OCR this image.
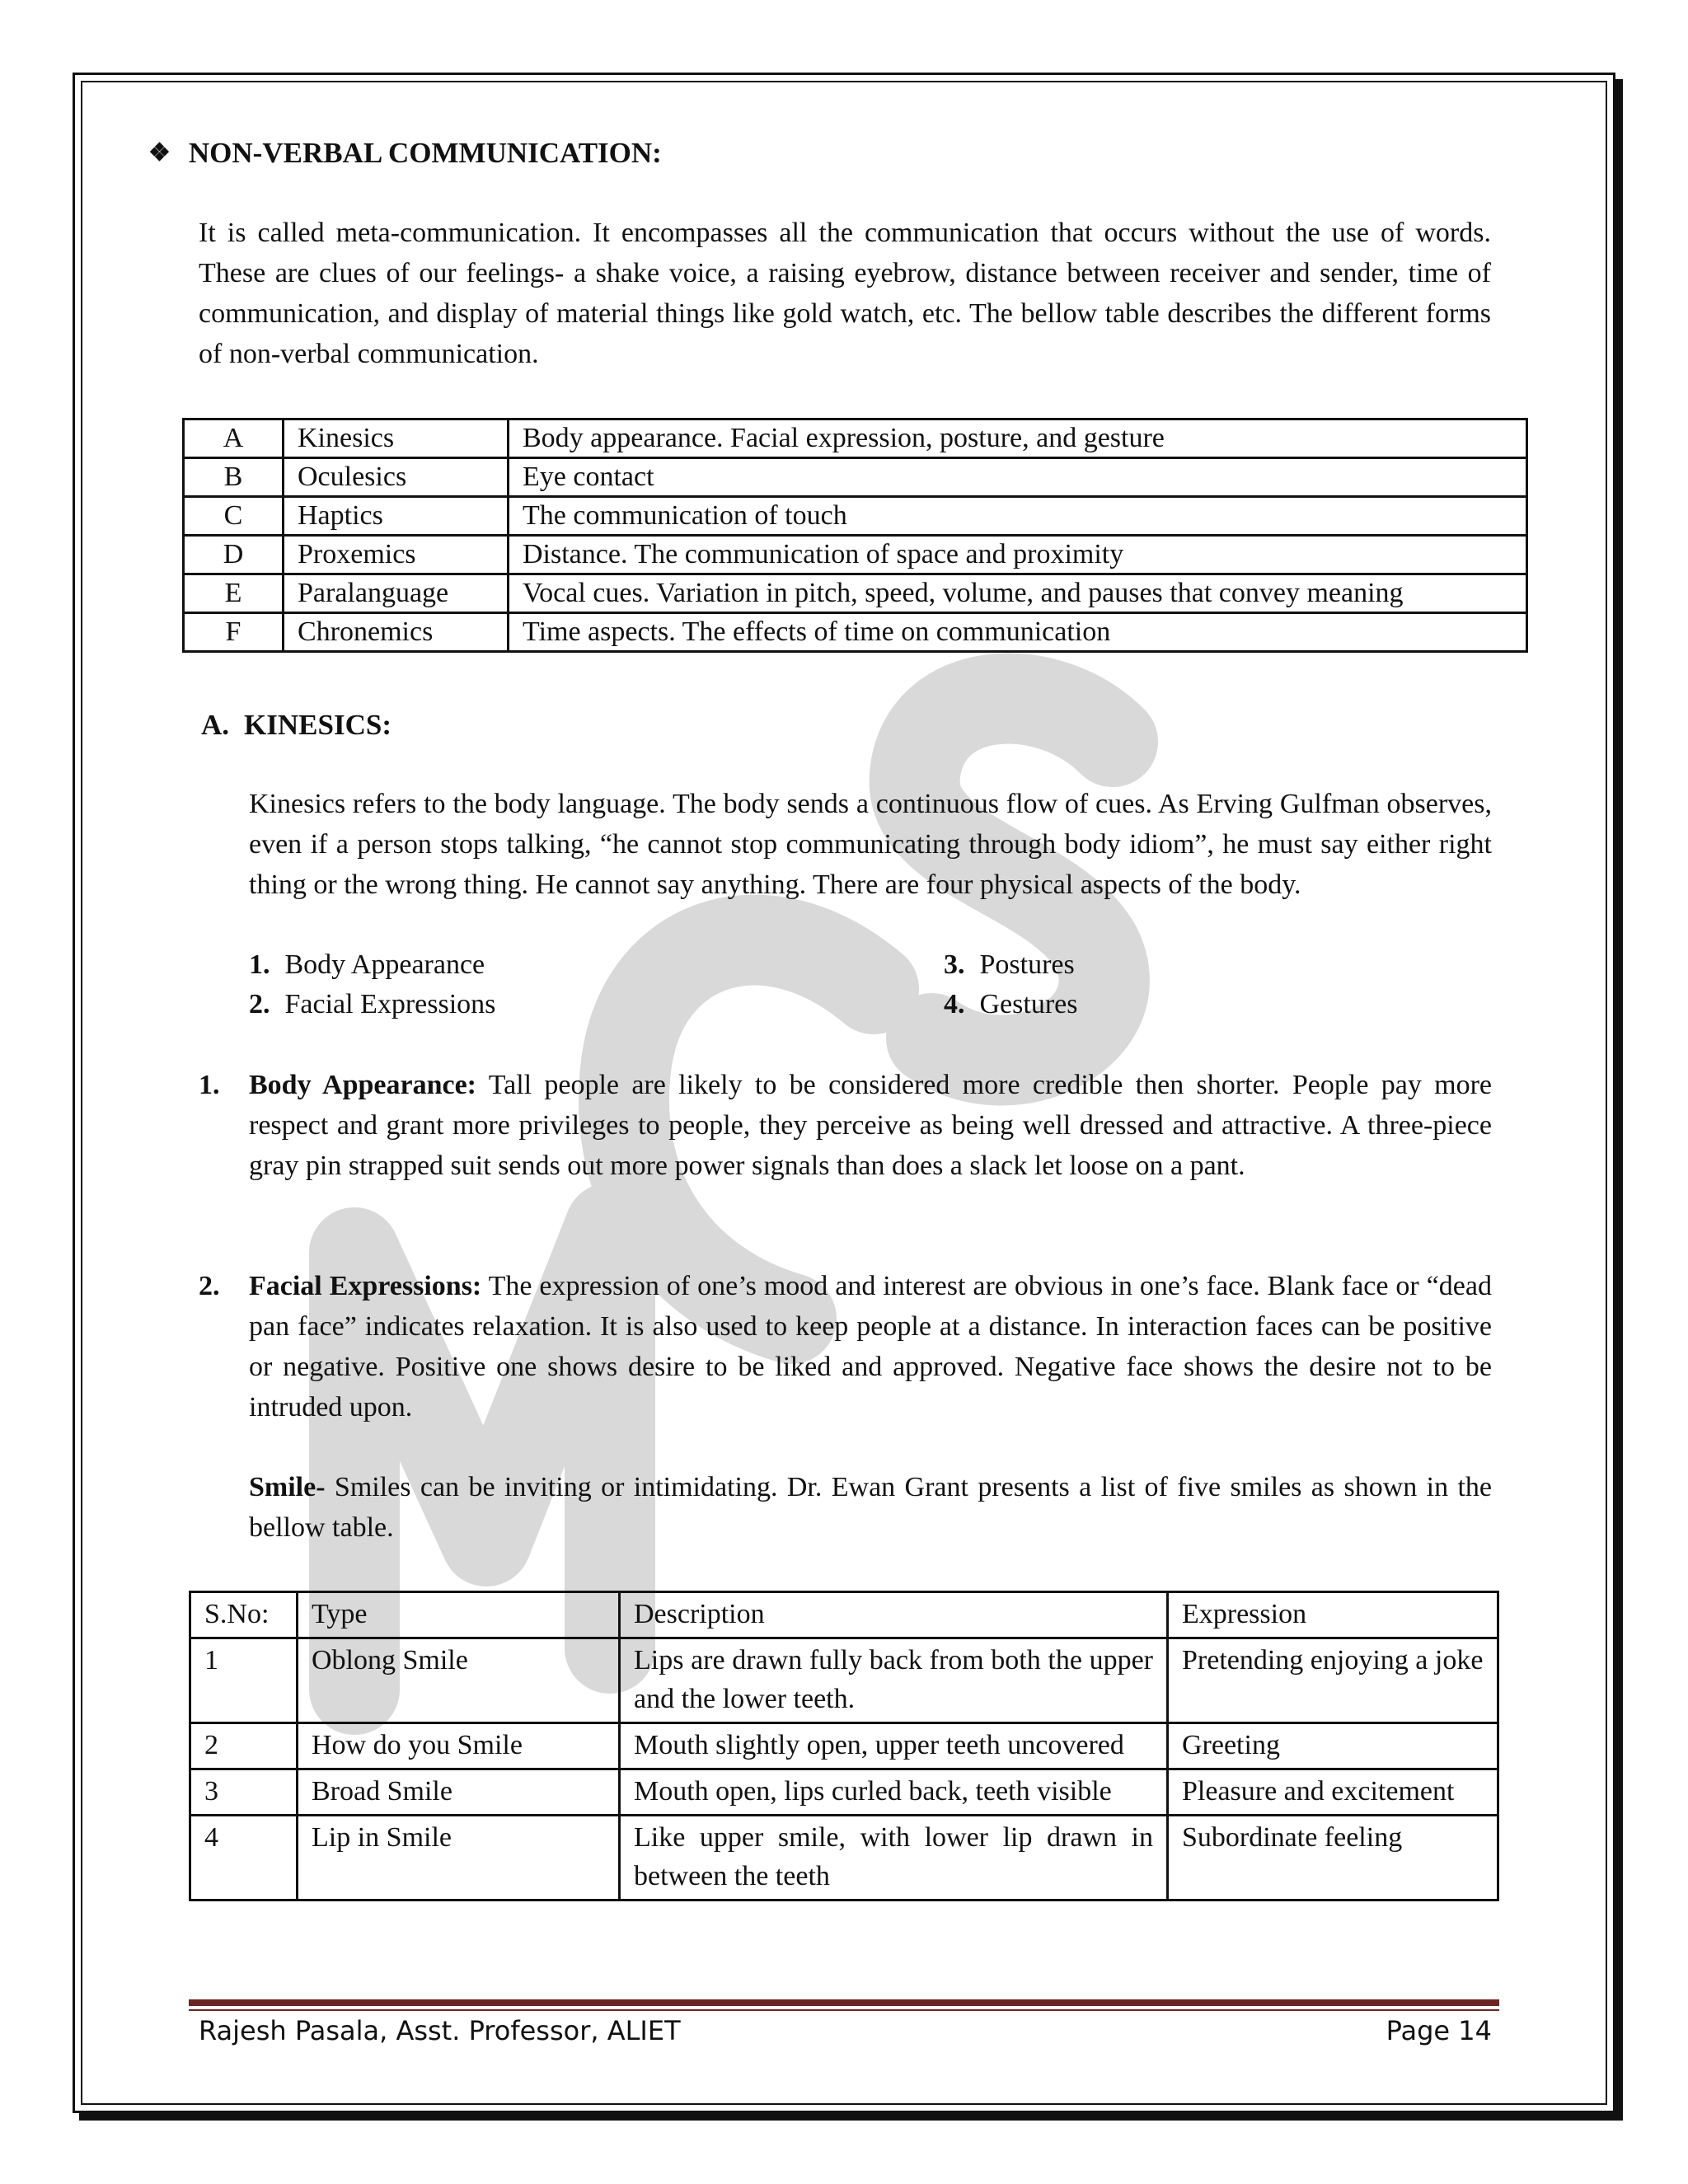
❖ NON-VERBAL COMMUNICATION:
It is called meta-communication. It encompasses all the communication that occurs without the use of words. These are clues of our feelings- a shake voice, a raising eyebrow, distance between receiver and sender, time of communication, and display of material things like gold watch, etc. The bellow table describes the different forms of non-verbal communication.
A	Kinesics	Body appearance. Facial expression, posture, and gesture
B	Oculesics	Eye contact
C	Haptics	The communication of touch
D	Proxemics	Distance. The communication of space and proximity
E	Paralanguage	Vocal cues. Variation in pitch, speed, volume, and pauses that convey meaning
F	Chronemics	Time aspects. The effects of time on communication
A. KINESICS:
Kinesics refers to the body language. The body sends a continuous flow of cues. As Erving Gulfman observes, even if a person stops talking, “he cannot stop communicating through body idiom”, he must say either right thing or the wrong thing. He cannot say anything. There are four physical aspects of the body.
1. Body Appearance
2. Facial Expressions
3. Postures
4. Gestures
1. Body Appearance: Tall people are likely to be considered more credible then shorter. People pay more respect and grant more privileges to people, they perceive as being well dressed and attractive. A three-piece gray pin strapped suit sends out more power signals than does a slack let loose on a pant.
2. Facial Expressions: The expression of one’s mood and interest are obvious in one’s face. Blank face or “dead pan face” indicates relaxation. It is also used to keep people at a distance. In interaction faces can be positive or negative. Positive one shows desire to be liked and approved. Negative face shows the desire not to be intruded upon.
Smile- Smiles can be inviting or intimidating. Dr. Ewan Grant presents a list of five smiles as shown in the bellow table.
S.No:	Type	Description	Expression
1	Oblong Smile	Lips are drawn fully back from both the upper and the lower teeth.	Pretending enjoying a joke
2	How do you Smile	Mouth slightly open, upper teeth uncovered	Greeting
3	Broad Smile	Mouth open, lips curled back, teeth visible	Pleasure and excitement
4	Lip in Smile	Like upper smile, with lower lip drawn in between the teeth	Subordinate feeling
Rajesh Pasala, Asst. Professor, ALIET	Page 14
